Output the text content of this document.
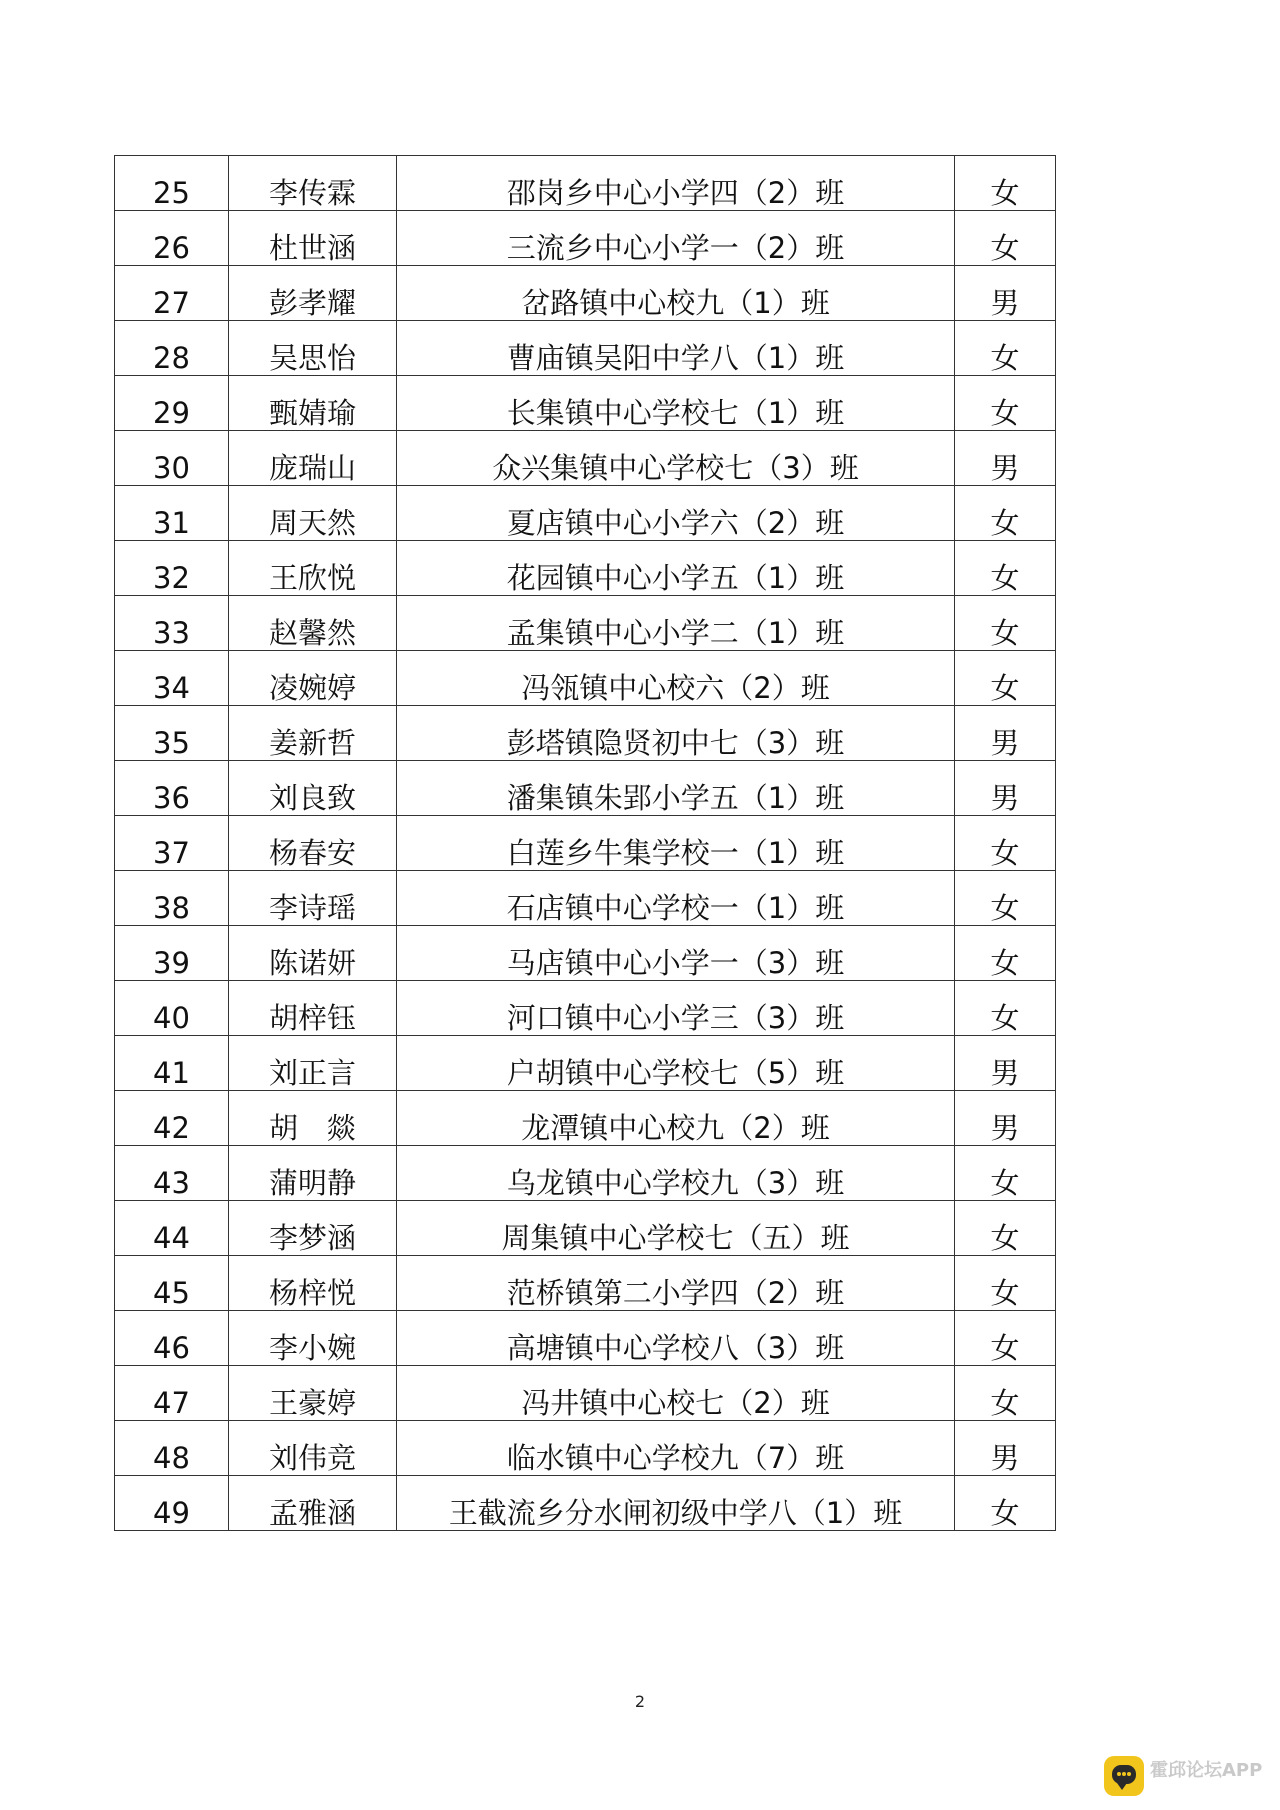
25	李传霖	邵岗乡中心小学四（2）班	女
26	杜世涵	三流乡中心小学一（2）班	女
27	彭孝耀	岔路镇中心校九（1）班	男
28	吴思怡	曹庙镇吴阳中学八（1）班	女
29	甄婧瑜	长集镇中心学校七（1）班	女
30	庞瑞山	众兴集镇中心学校七（3）班	男
31	周天然	夏店镇中心小学六（2）班	女
32	王欣悦	花园镇中心小学五（1）班	女
33	赵馨然	孟集镇中心小学二（1）班	女
34	凌婉婷	冯瓴镇中心校六（2）班	女
35	姜新哲	彭塔镇隐贤初中七（3）班	男
36	刘良致	潘集镇朱郢小学五（1）班	男
37	杨春安	白莲乡牛集学校一（1）班	女
38	李诗瑶	石店镇中心学校一（1）班	女
39	陈诺妍	马店镇中心小学一（3）班	女
40	胡梓钰	河口镇中心小学三（3）班	女
41	刘正言	户胡镇中心学校七（5）班	男
42	胡　燚	龙潭镇中心校九（2）班	男
43	蒲明静	乌龙镇中心学校九（3）班	女
44	李梦涵	周集镇中心学校七（五）班	女
45	杨梓悦	范桥镇第二小学四（2）班	女
46	李小婉	高塘镇中心学校八（3）班	女
47	王豪婷	冯井镇中心校七（2）班	女
48	刘伟竞	临水镇中心学校九（7）班	男
49	孟雅涵	王截流乡分水闸初级中学八（1）班	女
2
霍邱论坛APP
